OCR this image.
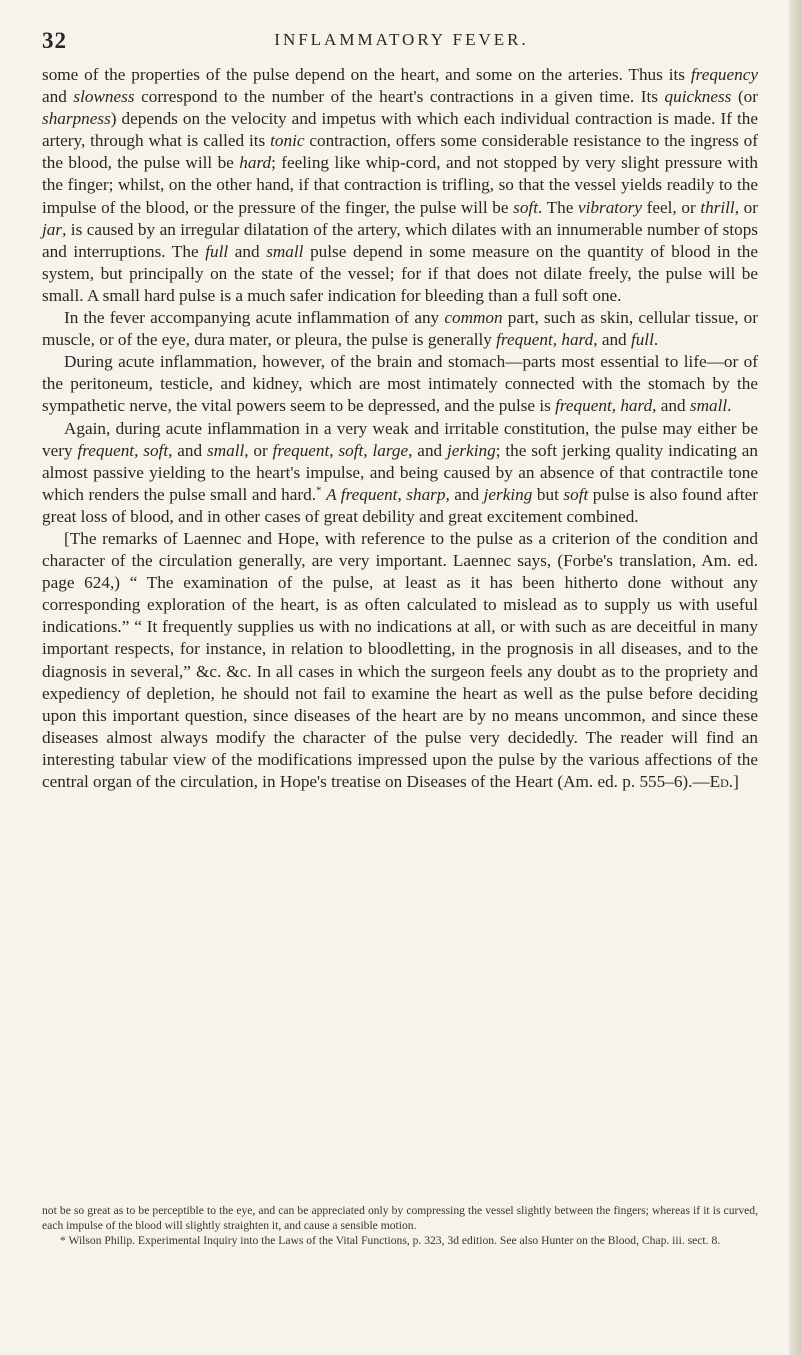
32	INFLAMMATORY FEVER.

some of the properties of the pulse depend on the heart, and some on the arteries. Thus its frequency and slowness correspond to the number of the heart's contractions in a given time. Its quickness (or sharpness) depends on the velocity and impetus with which each individual contraction is made. If the artery, through what is called its tonic contraction, offers some considerable resistance to the ingress of the blood, the pulse will be hard; feeling like whip-cord, and not stopped by very slight pressure with the finger; whilst, on the other hand, if that contraction is trifling, so that the vessel yields readily to the impulse of the blood, or the pressure of the finger, the pulse will be soft. The vibratory feel, or thrill, or jar, is caused by an irregular dilatation of the artery, which dilates with an innumerable number of stops and interruptions. The full and small pulse depend in some measure on the quantity of blood in the system, but principally on the state of the vessel; for if that does not dilate freely, the pulse will be small. A small hard pulse is a much safer indication for bleeding than a full soft one.

In the fever accompanying acute inflammation of any common part, such as skin, cellular tissue, or muscle, or of the eye, dura mater, or pleura, the pulse is generally frequent, hard, and full.

During acute inflammation, however, of the brain and stomach—parts most essential to life—or of the peritoneum, testicle, and kidney, which are most intimately connected with the stomach by the sympathetic nerve, the vital powers seem to be depressed, and the pulse is frequent, hard, and small.

Again, during acute inflammation in a very weak and irritable constitution, the pulse may either be very frequent, soft, and small, or frequent, soft, large, and jerking; the soft jerking quality indicating an almost passive yielding to the heart's impulse, and being caused by an absence of that contractile tone which renders the pulse small and hard.* A frequent, sharp, and jerking but soft pulse is also found after great loss of blood, and in other cases of great debility and great excitement combined.

[The remarks of Laennec and Hope, with reference to the pulse as a criterion of the condition and character of the circulation generally, are very important. Laennec says, (Forbe's translation, Am. ed. page 624,) “ The examination of the pulse, at least as it has been hitherto done without any corresponding exploration of the heart, is as often calculated to mislead as to supply us with useful indications.” “ It frequently supplies us with no indications at all, or with such as are deceitful in many important respects, for instance, in relation to bloodletting, in the prognosis in all diseases, and to the diagnosis in several,” &c. &c. In all cases in which the surgeon feels any doubt as to the propriety and expediency of depletion, he should not fail to examine the heart as well as the pulse before deciding upon this important question, since diseases of the heart are by no means uncommon, and since these diseases almost always modify the character of the pulse very decidedly. The reader will find an interesting tabular view of the modifications impressed upon the pulse by the various affections of the central organ of the circulation, in Hope's treatise on Diseases of the Heart (Am. ed. p. 555–6).—Ed.]

not be so great as to be perceptible to the eye, and can be appreciated only by compressing the vessel slightly between the fingers; whereas if it is curved, each impulse of the blood will slightly straighten it, and cause a sensible motion.

* Wilson Philip. Experimental Inquiry into the Laws of the Vital Functions, p. 323, 3d edition. See also Hunter on the Blood, Chap. iii. sect. 8.
